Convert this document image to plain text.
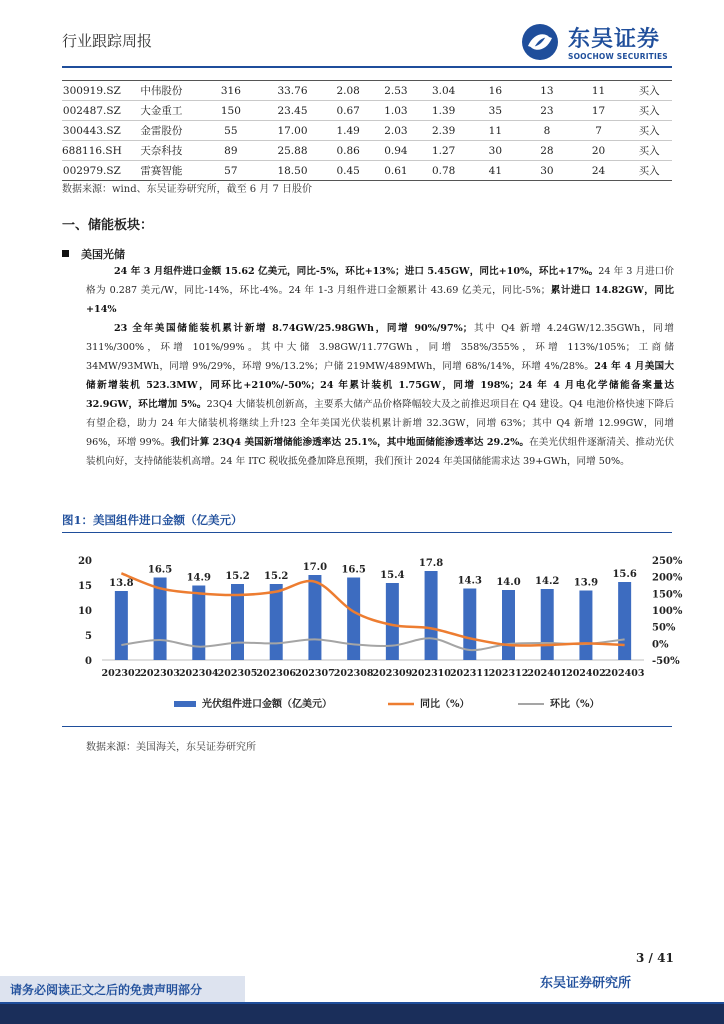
行业跟踪周报	东吴证券
SOOCHOW SECURITIES
300919.SZ	中伟股份	316	33.76	2.08	2.53	3.04	16	13	11	买入
002487.SZ	大金重工	150	23.45	0.67	1.03	1.39	35	23	17	买入
300443.SZ	金雷股份	55	17.00	1.49	2.03	2.39	11	8	7	买入
688116.SH	天奈科技	89	25.88	0.86	0.94	1.27	30	28	20	买入
002979.SZ	雷赛智能	57	18.50	0.45	0.61	0.78	41	30	24	买入
数据来源：wind、东吴证券研究所，截至 6 月 7 日股价
一、储能板块：
美国光储
24 年 3 月组件进口金额 15.62 亿美元，同比-5%，环比+13%；进口 5.45GW，同比+10%，环比+17%。24 年 3 月进口价格为 0.287 美元/W，同比-14%，环比-4%。24 年 1-3 月组件进口金额累计 43.69 亿美元，同比-5%；累计进口 14.82GW，同比+14%
23 全年美国储能装机累计新增 8.74GW/25.98GWh，同增 90%/97%；其中 Q4 新增 4.24GW/12.35GWh，同增 311%/300%，环增 101%/99%。其中大储 3.98GW/11.77GWh，同增 358%/355%，环增 113%/105%；工商储 34MW/93MWh，同增 9%/29%，环增 9%/13.2%；户储 219MW/489MWh，同增 68%/14%，环增 4%/28%。24 年 4 月美国大储新增装机 523.3MW，同环比+210%/-50%；24 年累计装机 1.75GW，同增 198%；24 年 4 月电化学储能备案量达 32.9GW，环比增加 5%。23Q4 大储装机创新高，主要系大储产品价格降幅较大及之前推迟项目在 Q4 建设。Q4 电池价格快速下降后有望企稳，助力 24 年大储装机将继续上升!23 全年美国光伏装机累计新增 32.3GW，同增 63%；其中 Q4 新增 12.99GW，同增 96%，环增 99%。我们计算 23Q4 美国新增储能渗透率达 25.1%，其中地面储能渗透率达 29.2%。在美光伏组件逐渐清关、推动光伏装机向好，支持储能装机高增。24 年 ITC 税收抵免叠加降息预期，我们预计 2024 年美国储能需求达 39+GWh，同增 50%。
图1：美国组件进口金额（亿美元）
0
5
10
15
20
-50%
0%
50%
100%
150%
200%
250%
13.8
202302
16.5
202303
14.9
202304
15.2
202305
15.2
202306
17.0
202307
16.5
202308
15.4
202309
17.8
202310
14.3
202311
14.0
202312
14.2
202401
13.9
202402
15.6
202403
光伏组件进口金额（亿美元）	同比（%）	环比（%）
数据来源：美国海关，东吴证券研究所
3 / 41
东吴证券研究所
请务必阅读正文之后的免责声明部分
